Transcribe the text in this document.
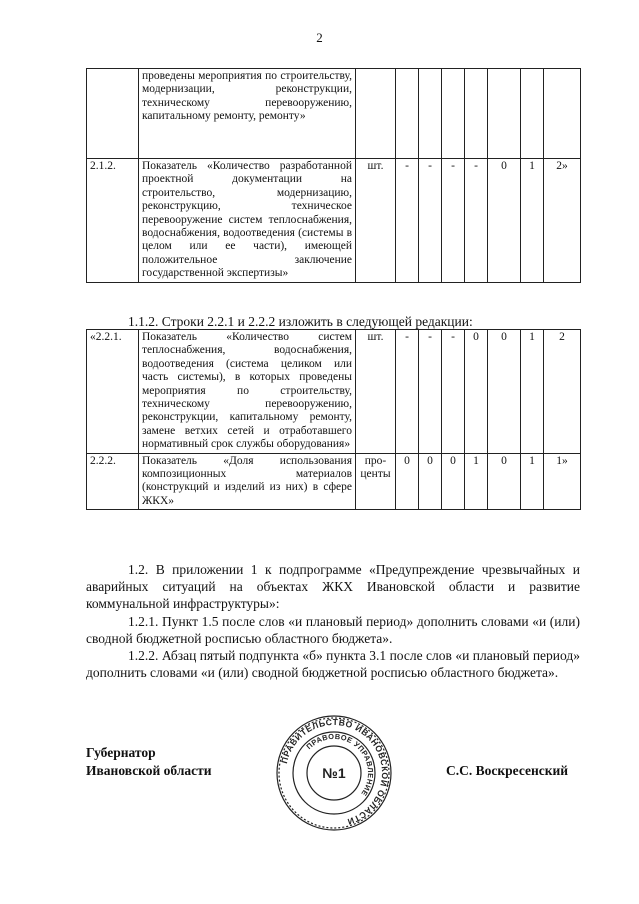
2

	проведены мероприятия по строительству, модернизации, реконструкции, техническому перевооружению, капитальному ремонту, ремонту»								

2.1.2.	Показатель «Количество разработанной проектной документации на строительство, модернизацию, реконструкцию, техническое перевооружение систем теплоснабжения, водоснабжения, водоотведения (системы в целом или ее части), имеющей положительное заключение государственной экспертизы»	шт.	-	-	-	-	0	1	2»
1.1.2. Строки 2.2.1 и 2.2.2 изложить в следующей редакции:
«2.2.1.	Показатель «Количество систем теплоснабжения, водоснабжения, водоотведения (система целиком или часть системы), в которых проведены мероприятия по строительству, техническому перевооружению, реконструкции, капитальному ремонту, замене ветхих сетей и отработавшего нормативный срок службы оборудования»	шт.	-	-	-	0	0	1	2
2.2.2.	Показатель «Доля использования композиционных материалов (конструкций и изделий из них) в сфере ЖКХ»	про-центы	0	0	0	1	0	1	1»
1.2. В приложении 1 к подпрограмме «Предупреждение чрезвычайных и аварийных ситуаций на объектах ЖКХ Ивановской области и развитие коммунальной инфраструктуры»:
1.2.1. Пункт 1.5 после слов «и плановый период» дополнить словами «и (или) сводной бюджетной росписью областного бюджета».
1.2.2. Абзац пятый подпункта «б» пункта 3.1 после слов «и плановый период» дополнить словами «и (или) сводной бюджетной росписью областного бюджета».
Губернатор
Ивановской области	С.С. Воскресенский
ПРАВИТЕЛЬСТВО ИВАНОВСКОЙ ОБЛАСТИ
ПРАВОВОЕ УПРАВЛЕНИЕ
№1
